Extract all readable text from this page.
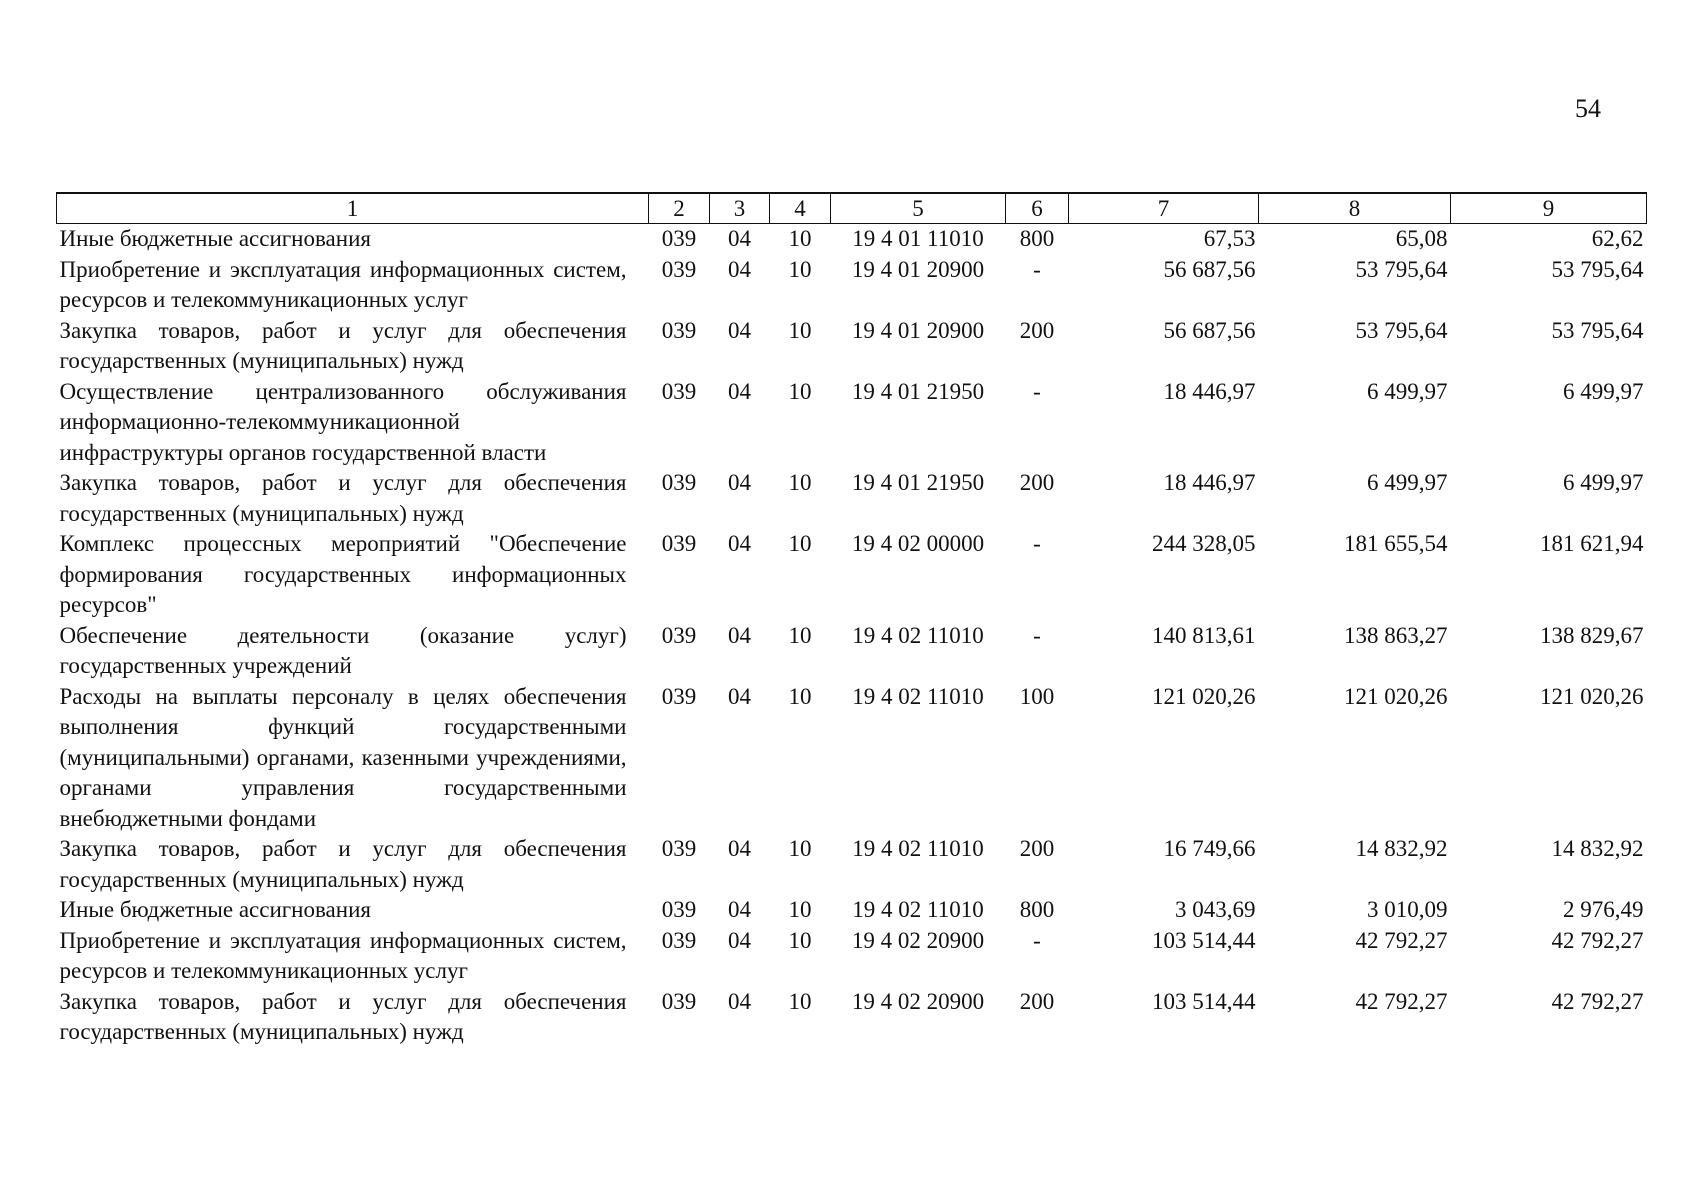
54
1	2	3	4	5	6	7	8	9
Иные бюджетные ассигнования	039	04	10	19 4 01 11010	800	67,53	65,08	62,62
Приобретение и эксплуатация информационных систем, ресурсов и телекоммуникационных услуг	039	04	10	19 4 01 20900	-	56 687,56	53 795,64	53 795,64
Закупка товаров, работ и услуг для обеспечения государственных (муниципальных) нужд	039	04	10	19 4 01 20900	200	56 687,56	53 795,64	53 795,64
Осуществление централизованного обслуживания информационно-телекоммуникационной инфраструктуры органов государственной власти	039	04	10	19 4 01 21950	-	18 446,97	6 499,97	6 499,97
Закупка товаров, работ и услуг для обеспечения государственных (муниципальных) нужд	039	04	10	19 4 01 21950	200	18 446,97	6 499,97	6 499,97
Комплекс процессных мероприятий "Обеспечение формирования государственных информационных ресурсов"	039	04	10	19 4 02 00000	-	244 328,05	181 655,54	181 621,94
Обеспечение деятельности (оказание услуг) государственных учреждений	039	04	10	19 4 02 11010	-	140 813,61	138 863,27	138 829,67
Расходы на выплаты персоналу в целях обеспечения выполнения функций государственными (муниципальными) органами, казенными учреждениями, органами управления государственными внебюджетными фондами	039	04	10	19 4 02 11010	100	121 020,26	121 020,26	121 020,26
Закупка товаров, работ и услуг для обеспечения государственных (муниципальных) нужд	039	04	10	19 4 02 11010	200	16 749,66	14 832,92	14 832,92
Иные бюджетные ассигнования	039	04	10	19 4 02 11010	800	3 043,69	3 010,09	2 976,49
Приобретение и эксплуатация информационных систем, ресурсов и телекоммуникационных услуг	039	04	10	19 4 02 20900	-	103 514,44	42 792,27	42 792,27
Закупка товаров, работ и услуг для обеспечения государственных (муниципальных) нужд	039	04	10	19 4 02 20900	200	103 514,44	42 792,27	42 792,27
